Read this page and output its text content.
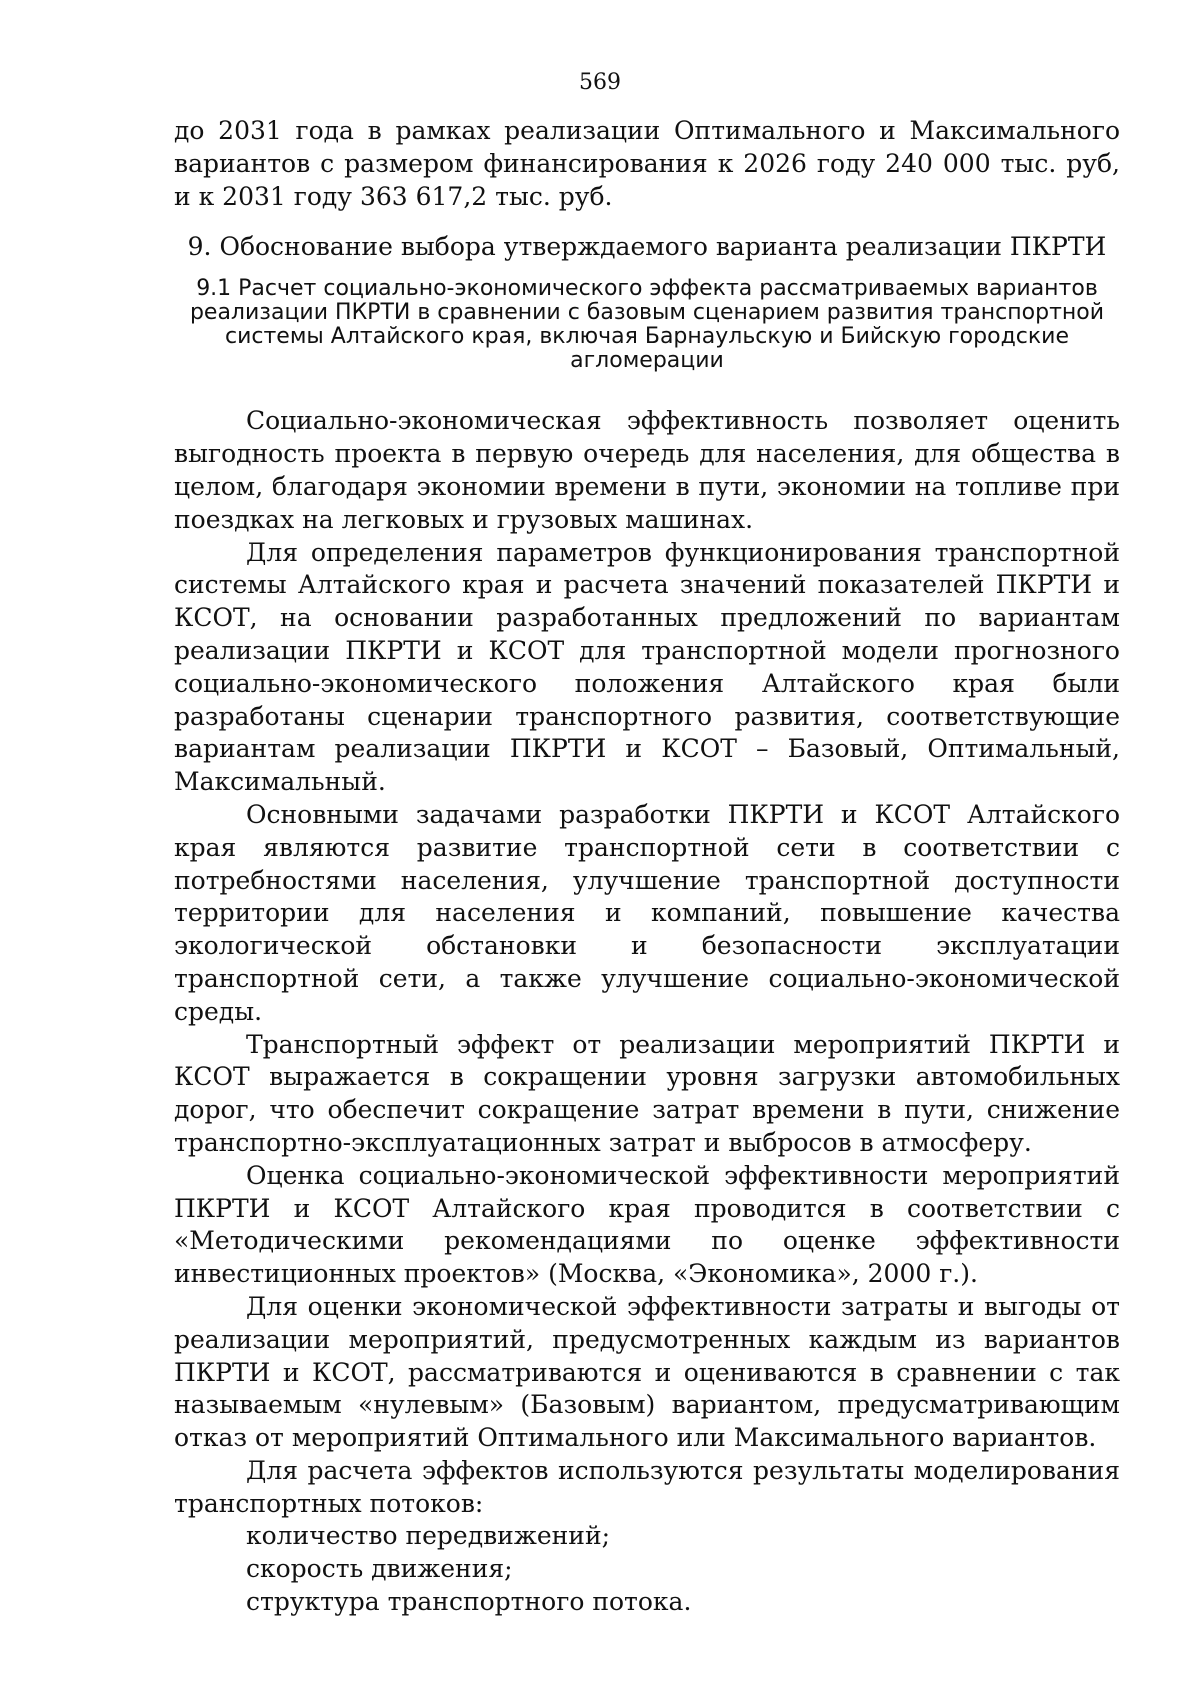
569

до 2031 года в рамках реализации Оптимального и Максимального вариантов с размером финансирования к 2026 году 240 000 тыс. руб, и к 2031 году 363 617,2 тыс. руб.

9. Обоснование выбора утверждаемого варианта реализации ПКРТИ
9.1 Расчет социально-экономического эффекта рассматриваемых вариантов реализации ПКРТИ в сравнении с базовым сценарием развития транспортной системы Алтайского края, включая Барнаульскую и Бийскую городские агломерации

Социально-экономическая эффективность позволяет оценить выгодность проекта в первую очередь для населения, для общества в целом, благодаря экономии времени в пути, экономии на топливе при поездках на легковых и грузовых машинах.

Для определения параметров функционирования транспортной системы Алтайского края и расчета значений показателей ПКРТИ и КСОТ, на основании разработанных предложений по вариантам реализации ПКРТИ и КСОТ для транспортной модели прогнозного социально-экономического положения Алтайского края были разработаны сценарии транспортного развития, соответствующие вариантам реализации ПКРТИ и КСОТ – Базовый, Оптимальный, Максимальный.

Основными задачами разработки ПКРТИ и КСОТ Алтайского края являются развитие транспортной сети в соответствии с потребностями населения, улучшение транспортной доступности территории для населения и компаний, повышение качества экологической обстановки и безопасности эксплуатации транспортной сети, а также улучшение социально-экономической среды.

Транспортный эффект от реализации мероприятий ПКРТИ и КСОТ выражается в сокращении уровня загрузки автомобильных дорог, что обеспечит сокращение затрат времени в пути, снижение транспортно-эксплуатационных затрат и выбросов в атмосферу.

Оценка социально-экономической эффективности мероприятий ПКРТИ и КСОТ Алтайского края проводится в соответствии с «Методическими рекомендациями по оценке эффективности инвестиционных проектов» (Москва, «Экономика», 2000 г.).

Для оценки экономической эффективности затраты и выгоды от реализации мероприятий, предусмотренных каждым из вариантов ПКРТИ и КСОТ, рассматриваются и оцениваются в сравнении с так называемым «нулевым» (Базовым) вариантом, предусматривающим отказ от мероприятий Оптимального или Максимального вариантов.

Для расчета эффектов используются результаты моделирования транспортных потоков:

количество передвижений;
скорость движения;
структура транспортного потока.
